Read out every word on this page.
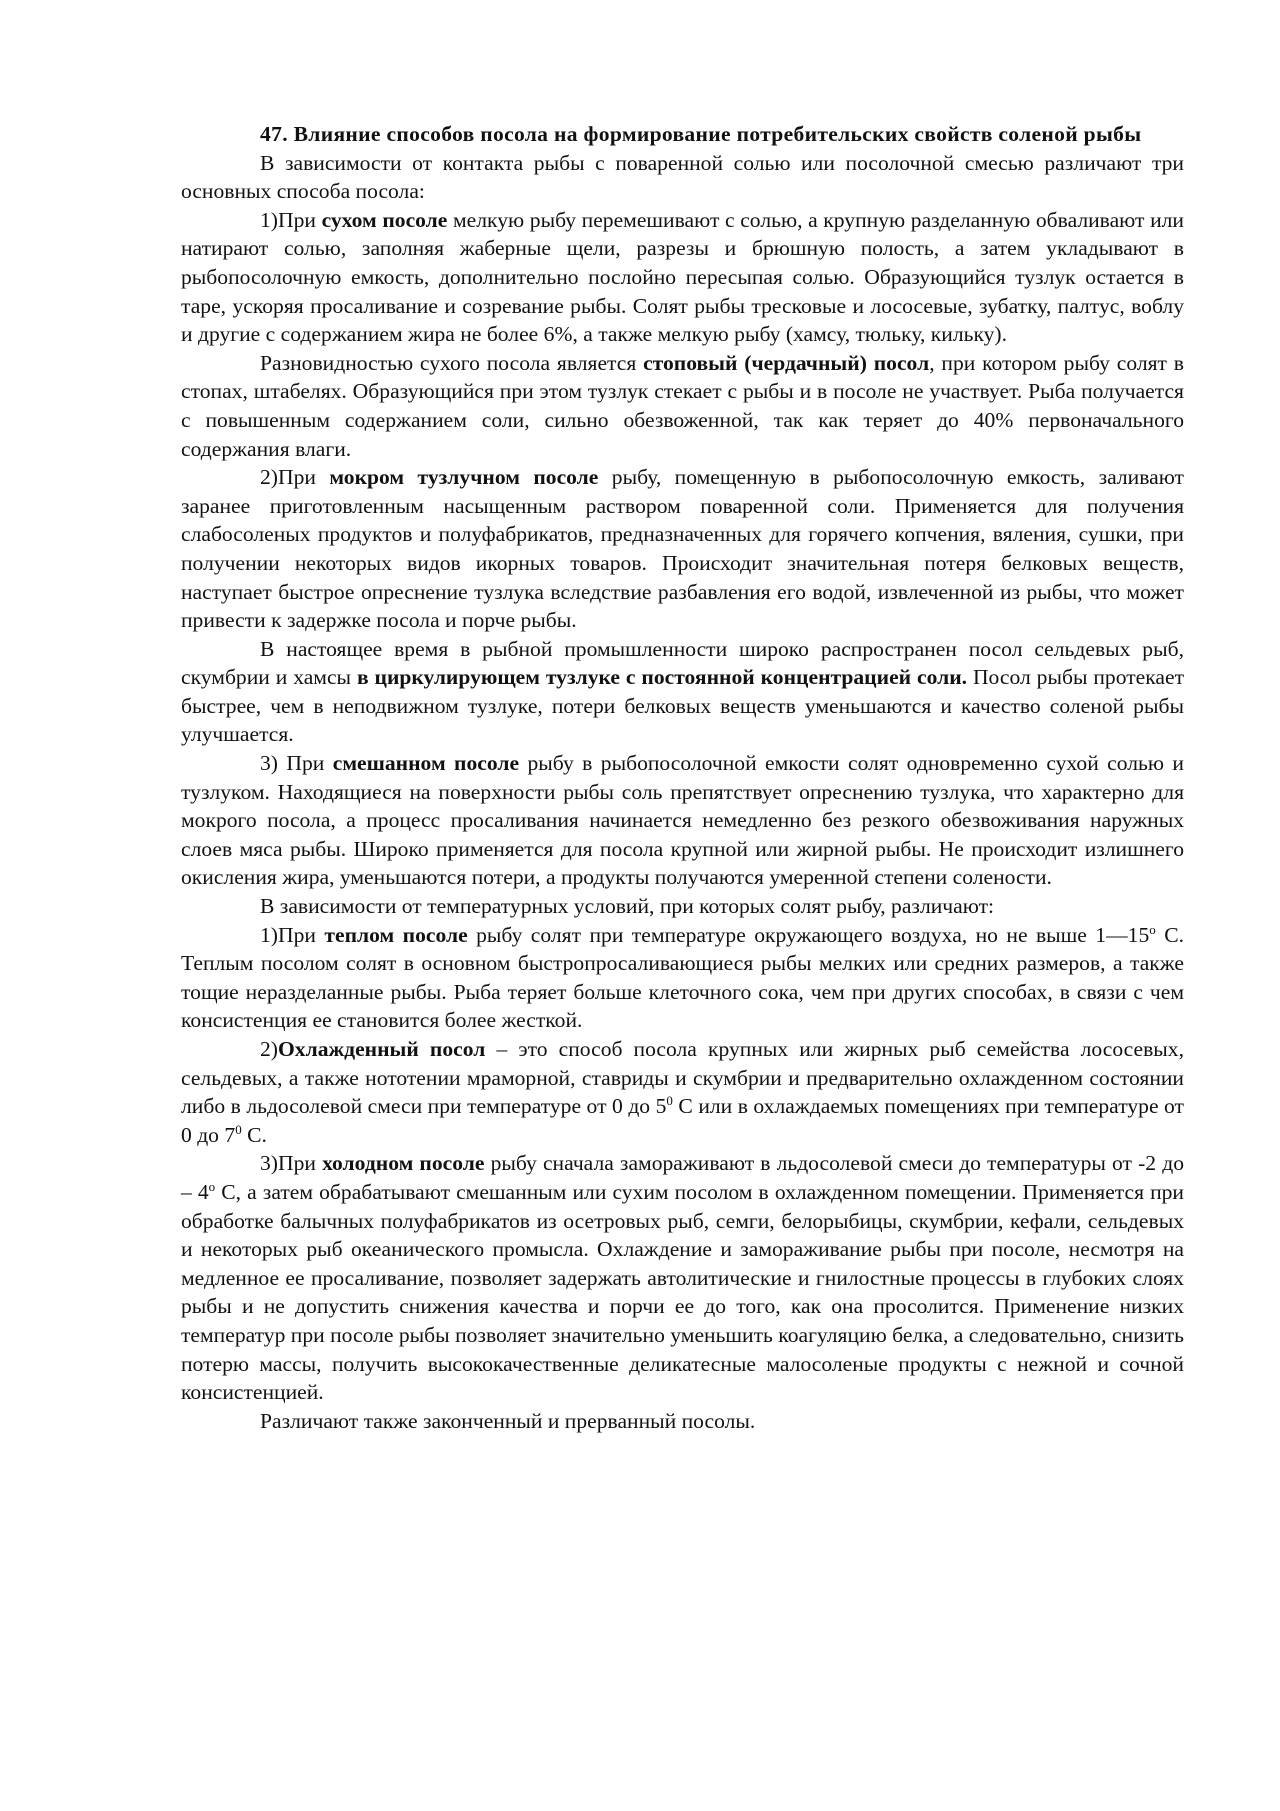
47. Влияние способов посола на формирование потребительских свойств соленой рыбы

В зависимости от контакта рыбы с поваренной солью или посолочной смесью различают три основных способа посола:

1)При сухом посоле мелкую рыбу перемешивают с солью, а крупную разделанную обваливают или натирают солью, заполняя жаберные щели, разрезы и брюшную полость, а затем укладывают в рыбопосолочную емкость, дополнительно послойно пересыпая солью. Образующийся тузлук остается в таре, ускоряя просаливание и созревание рыбы. Солят рыбы тресковые и лососевые, зубатку, палтус, воблу и другие с содержанием жира не более 6%, а также мелкую рыбу (хамсу, тюльку, кильку).

Разновидностью сухого посола является стоповый (чердачный) посол, при котором рыбу солят в стопах, штабелях. Образующийся при этом тузлук стекает с рыбы и в посоле не участвует. Рыба получается с повышенным содержанием соли, сильно обезвоженной, так как теряет до 40% первоначального содержания влаги.

2)При мокром тузлучном посоле рыбу, помещенную в рыбопосолочную емкость, заливают заранее приготовленным насыщенным раствором поваренной соли. Применяется для получения слабосоленых продуктов и полуфабрикатов, предназначенных для горячего копчения, вяления, сушки, при получении некоторых видов икорных товаров. Происходит значительная потеря белковых веществ, наступает быстрое опреснение тузлука вследствие разбавления его водой, извлеченной из рыбы, что может привести к задержке посола и порче рыбы.

В настоящее время в рыбной промышленности широко распространен посол сельдевых рыб, скумбрии и хамсы в циркулирующем тузлуке с постоянной концентрацией соли. Посол рыбы протекает быстрее, чем в неподвижном тузлуке, потери белковых веществ уменьшаются и качество соленой рыбы улучшается.

3) При смешанном посоле рыбу в рыбопосолочной емкости солят одновременно сухой солью и тузлуком. Находящиеся на поверхности рыбы соль препятствует опреснению тузлука, что характерно для мокрого посола, а процесс просаливания начинается немедленно без резкого обезвоживания наружных слоев мяса рыбы. Широко применяется для посола крупной или жирной рыбы. Не происходит излишнего окисления жира, уменьшаются потери, а продукты получаются умеренной степени солености.

В зависимости от температурных условий, при которых солят рыбу, различают:

1)При теплом посоле рыбу солят при температуре окружающего воздуха, но не выше $1—15^о$ С. Теплым посолом солят в основном быстропросаливающиеся рыбы мелких или средних размеров, а также тощие неразделанные рыбы. Рыба теряет больше клеточного сока, чем при других способах, в связи с чем консистенция ее становится более жесткой.

2)Охлажденный посол – это способ посола крупных или жирных рыб семейства лососевых, сельдевых, а также нототении мраморной, ставриды и скумбрии и предварительно охлажденном состоянии либо в льдосолевой смеси при температуре от 0 до $5^0$ С или в охлаждаемых помещениях при температуре от 0 до $7^0$ С.

3)При холодном посоле рыбу сначала замораживают в льдосолевой смеси до температуры от -2 до – $4^о$ С, а затем обрабатывают смешанным или сухим посолом в охлажденном помещении. Применяется при обработке балычных полуфабрикатов из осетровых рыб, семги, белорыбицы, скумбрии, кефали, сельдевых и некоторых рыб океанического промысла. Охлаждение и замораживание рыбы при посоле, несмотря на медленное ее просаливание, позволяет задержать автолитические и гнилостные процессы в глубоких слоях рыбы и не допустить снижения качества и порчи ее до того, как она просолится. Применение низких температур при посоле рыбы позволяет значительно уменьшить коагуляцию белка, а следовательно, снизить потерю массы, получить высококачественные деликатесные малосоленые продукты с нежной и сочной консистенцией.

Различают также законченный и прерванный посолы.
